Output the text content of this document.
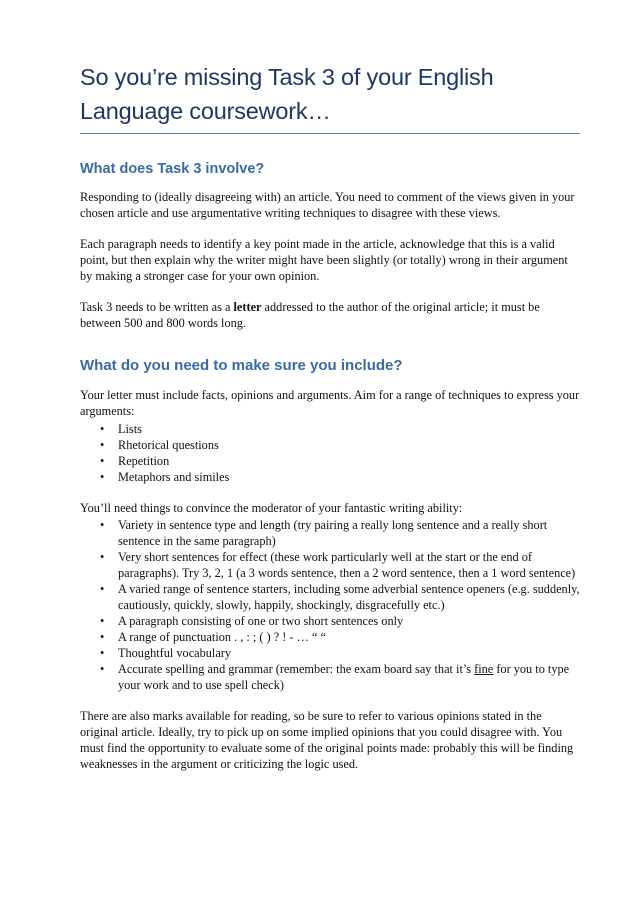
So you’re missing Task 3 of your English Language coursework…
What does Task 3 involve?

Responding to (ideally disagreeing with) an article. You need to comment of the views given in your chosen article and use argumentative writing techniques to disagree with these views.

Each paragraph needs to identify a key point made in the article, acknowledge that this is a valid point, but then explain why the writer might have been slightly (or totally) wrong in their argument by making a stronger case for your own opinion.

Task 3 needs to be written as a letter addressed to the author of the original article; it must be between 500 and 800 words long.

What do you need to make sure you include?

Your letter must include facts, opinions and arguments. Aim for a range of techniques to express your arguments:

• Lists
• Rhetorical questions
• Repetition
• Metaphors and similes

You’ll need things to convince the moderator of your fantastic writing ability:

• Variety in sentence type and length (try pairing a really long sentence and a really short sentence in the same paragraph)
• Very short sentences for effect (these work particularly well at the start or the end of paragraphs). Try 3, 2, 1 (a 3 words sentence, then a 2 word sentence, then a 1 word sentence)
• A varied range of sentence starters, including some adverbial sentence openers (e.g. suddenly, cautiously, quickly, slowly, happily, shockingly, disgracefully etc.)
• A paragraph consisting of one or two short sentences only
• A range of punctuation . , : ; ( ) ? ! - … “ “
• Thoughtful vocabulary
• Accurate spelling and grammar (remember: the exam board say that it’s fine for you to type your work and to use spell check)

There are also marks available for reading, so be sure to refer to various opinions stated in the original article. Ideally, try to pick up on some implied opinions that you could disagree with. You must find the opportunity to evaluate some of the original points made: probably this will be finding weaknesses in the argument or criticizing the logic used.
